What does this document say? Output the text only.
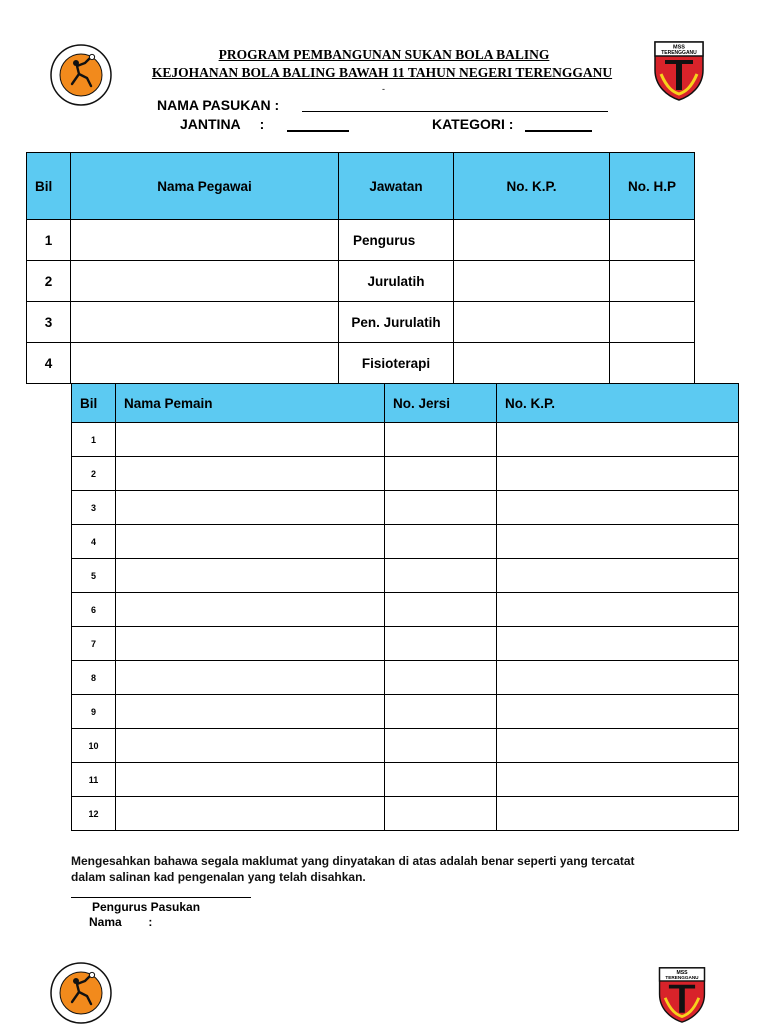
MSS
TERENGGANU
PROGRAM PEMBANGUNAN SUKAN BOLA BALING
KEJOHANAN BOLA BALING BAWAH 11 TAHUN NEGERI TERENGGANU
-
NAMA PASUKAN :
JANTINA     :	KATEGORI :
Bil	Nama Pegawai	Jawatan	No. K.P.	No. H.P
1		Pengurus		
2		Jurulatih		
3		Pen. Jurulatih		
4		Fisioterapi		
Bil	Nama Pemain	No. Jersi	No. K.P.
1			
2			
3			
4			
5			
6			
7			
8			
9			
10			
11			
12			
Mengesahkan bahawa segala maklumat yang dinyatakan di atas adalah benar seperti yang tercatat
dalam salinan kad pengenalan yang telah disahkan.
Pengurus Pasukan
Nama        :
MSS
TERENGGANU
